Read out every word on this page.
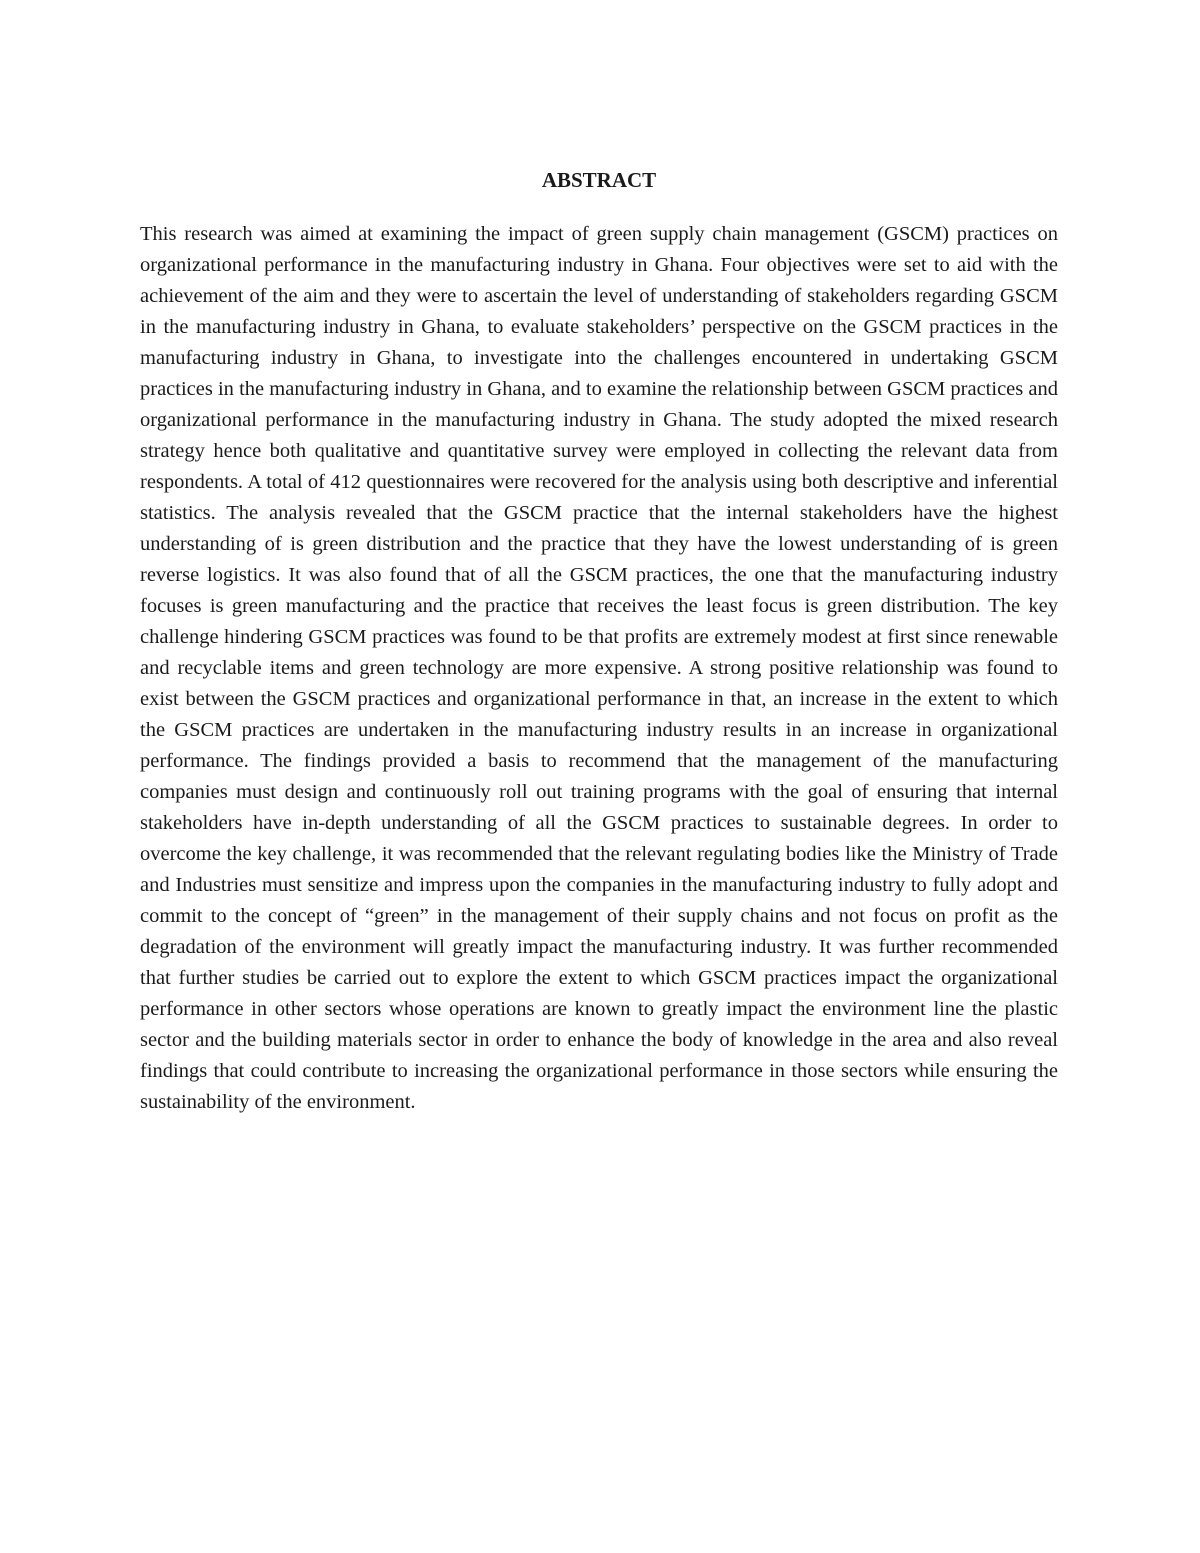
ABSTRACT

This research was aimed at examining the impact of green supply chain management (GSCM) practices on organizational performance in the manufacturing industry in Ghana. Four objectives were set to aid with the achievement of the aim and they were to ascertain the level of understanding of stakeholders regarding GSCM in the manufacturing industry in Ghana, to evaluate stakeholders’ perspective on the GSCM practices in the manufacturing industry in Ghana, to investigate into the challenges encountered in undertaking GSCM practices in the manufacturing industry in Ghana, and to examine the relationship between GSCM practices and organizational performance in the manufacturing industry in Ghana. The study adopted the mixed research strategy hence both qualitative and quantitative survey were employed in collecting the relevant data from respondents. A total of 412 questionnaires were recovered for the analysis using both descriptive and inferential statistics. The analysis revealed that the GSCM practice that the internal stakeholders have the highest understanding of is green distribution and the practice that they have the lowest understanding of is green reverse logistics. It was also found that of all the GSCM practices, the one that the manufacturing industry focuses is green manufacturing and the practice that receives the least focus is green distribution. The key challenge hindering GSCM practices was found to be that profits are extremely modest at first since renewable and recyclable items and green technology are more expensive. A strong positive relationship was found to exist between the GSCM practices and organizational performance in that, an increase in the extent to which the GSCM practices are undertaken in the manufacturing industry results in an increase in organizational performance. The findings provided a basis to recommend that the management of the manufacturing companies must design and continuously roll out training programs with the goal of ensuring that internal stakeholders have in-depth understanding of all the GSCM practices to sustainable degrees. In order to overcome the key challenge, it was recommended that the relevant regulating bodies like the Ministry of Trade and Industries must sensitize and impress upon the companies in the manufacturing industry to fully adopt and commit to the concept of “green” in the management of their supply chains and not focus on profit as the degradation of the environment will greatly impact the manufacturing industry. It was further recommended that further studies be carried out to explore the extent to which GSCM practices impact the organizational performance in other sectors whose operations are known to greatly impact the environment line the plastic sector and the building materials sector in order to enhance the body of knowledge in the area and also reveal findings that could contribute to increasing the organizational performance in those sectors while ensuring the sustainability of the environment.
